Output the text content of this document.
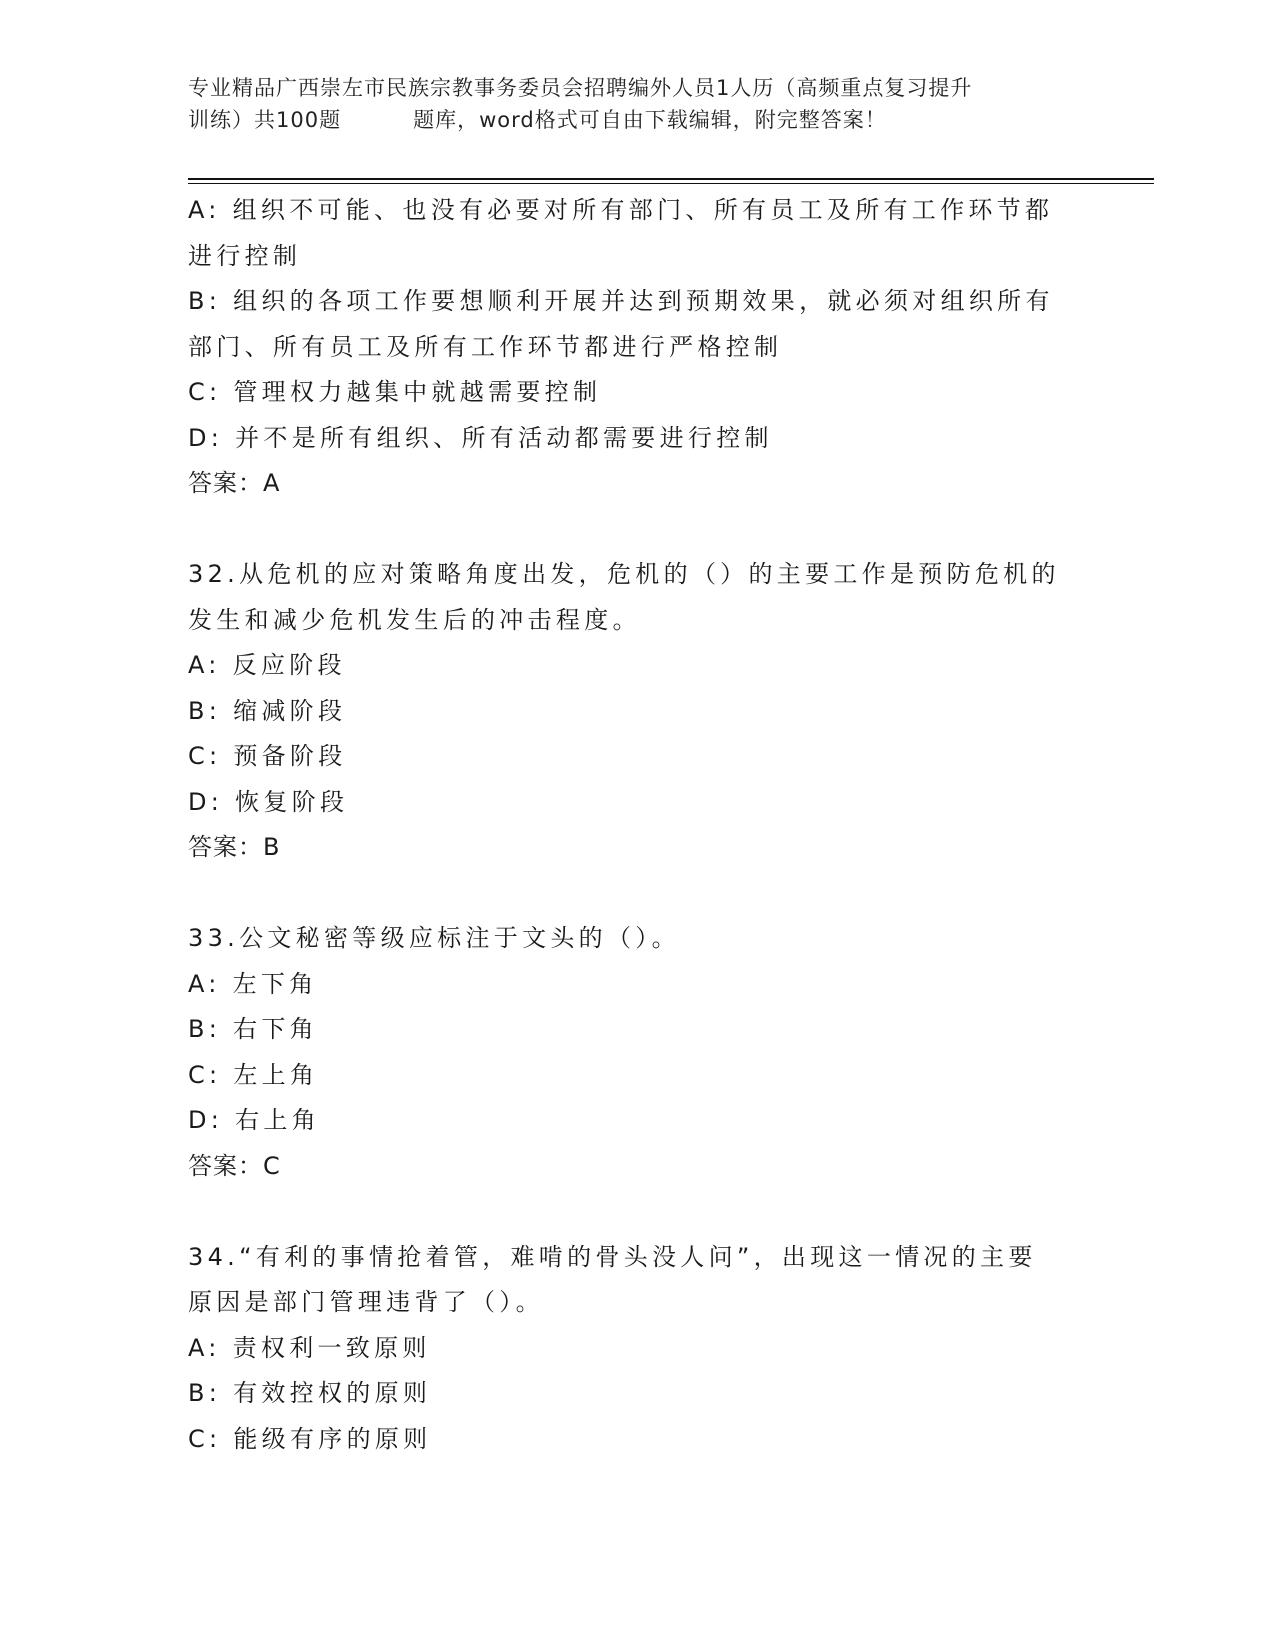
专业精品广西崇左市民族宗教事务委员会招聘编外人员1人历（高频重点复习提升
训练）共100题	题库，word格式可自由下载编辑，附完整答案！
A: 组织不可能、也没有必要对所有部门、所有员工及所有工作环节都
进行控制
B: 组织的各项工作要想顺利开展并达到预期效果，就必须对组织所有
部门、所有员工及所有工作环节都进行严格控制
C: 管理权力越集中就越需要控制
D: 并不是所有组织、所有活动都需要进行控制
答案：A
32.从危机的应对策略角度出发，危机的（）的主要工作是预防危机的
发生和减少危机发生后的冲击程度。
A: 反应阶段
B: 缩减阶段
C: 预备阶段
D: 恢复阶段
答案：B
33.公文秘密等级应标注于文头的（）。
A: 左下角
B: 右下角
C: 左上角
D: 右上角
答案：C
34.“有利的事情抢着管，难啃的骨头没人问”，出现这一情况的主要
原因是部门管理违背了（）。
A: 责权利一致原则
B: 有效控权的原则
C: 能级有序的原则
